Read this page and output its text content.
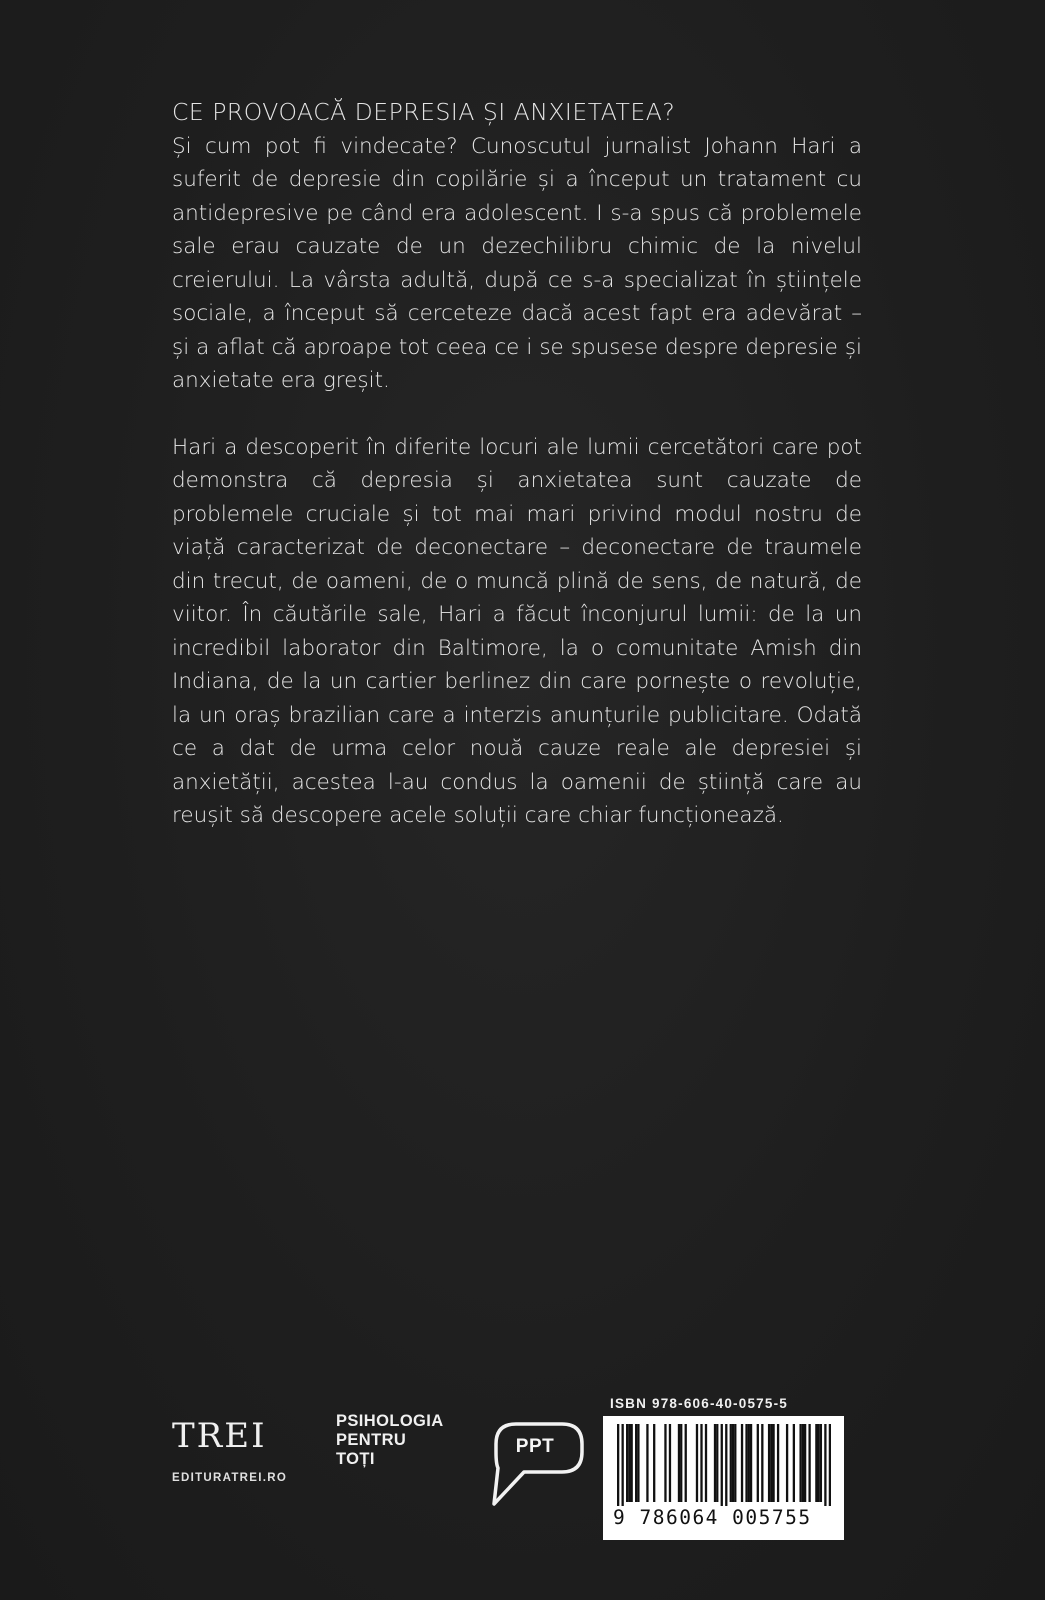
CE PROVOACĂ DEPRESIA ȘI ANXIETATEA?
Și cum pot fi vindecate? Cunoscutul jurnalist Johann Hari a suferit de depresie din copilărie și a început un tratament cu antidepresive pe când era adolescent. I s-a spus că problemele sale erau cauzate de un dezechilibru chimic de la nivelul creierului. La vârsta adultă, după ce s-a specializat în științele sociale, a început să cerceteze dacă acest fapt era adevărat – și a aflat că aproape tot ceea ce i se spusese despre depresie și anxietate era greșit.

Hari a descoperit în diferite locuri ale lumii cercetători care pot demonstra că depresia și anxietatea sunt cauzate de problemele cruciale și tot mai mari privind modul nostru de viață caracterizat de deconectare – deconectare de traumele din trecut, de oameni, de o muncă plină de sens, de natură, de viitor. În căutările sale, Hari a făcut înconjurul lumii: de la un incredibil laborator din Baltimore, la o comunitate Amish din Indiana, de la un cartier berlinez din care pornește o revoluție, la un oraș brazilian care a interzis anunțurile publicitare. Odată ce a dat de urma celor nouă cauze reale ale depresiei și anxietății, acestea l-au condus la oamenii de știință care au reușit să descopere acele soluții care chiar funcționează.

TREI
EDITURATREI.RO
PSIHOLOGIA
PENTRU
TOȚI
PPT
ISBN 978-606-40-0575-5
9 786064 005755
